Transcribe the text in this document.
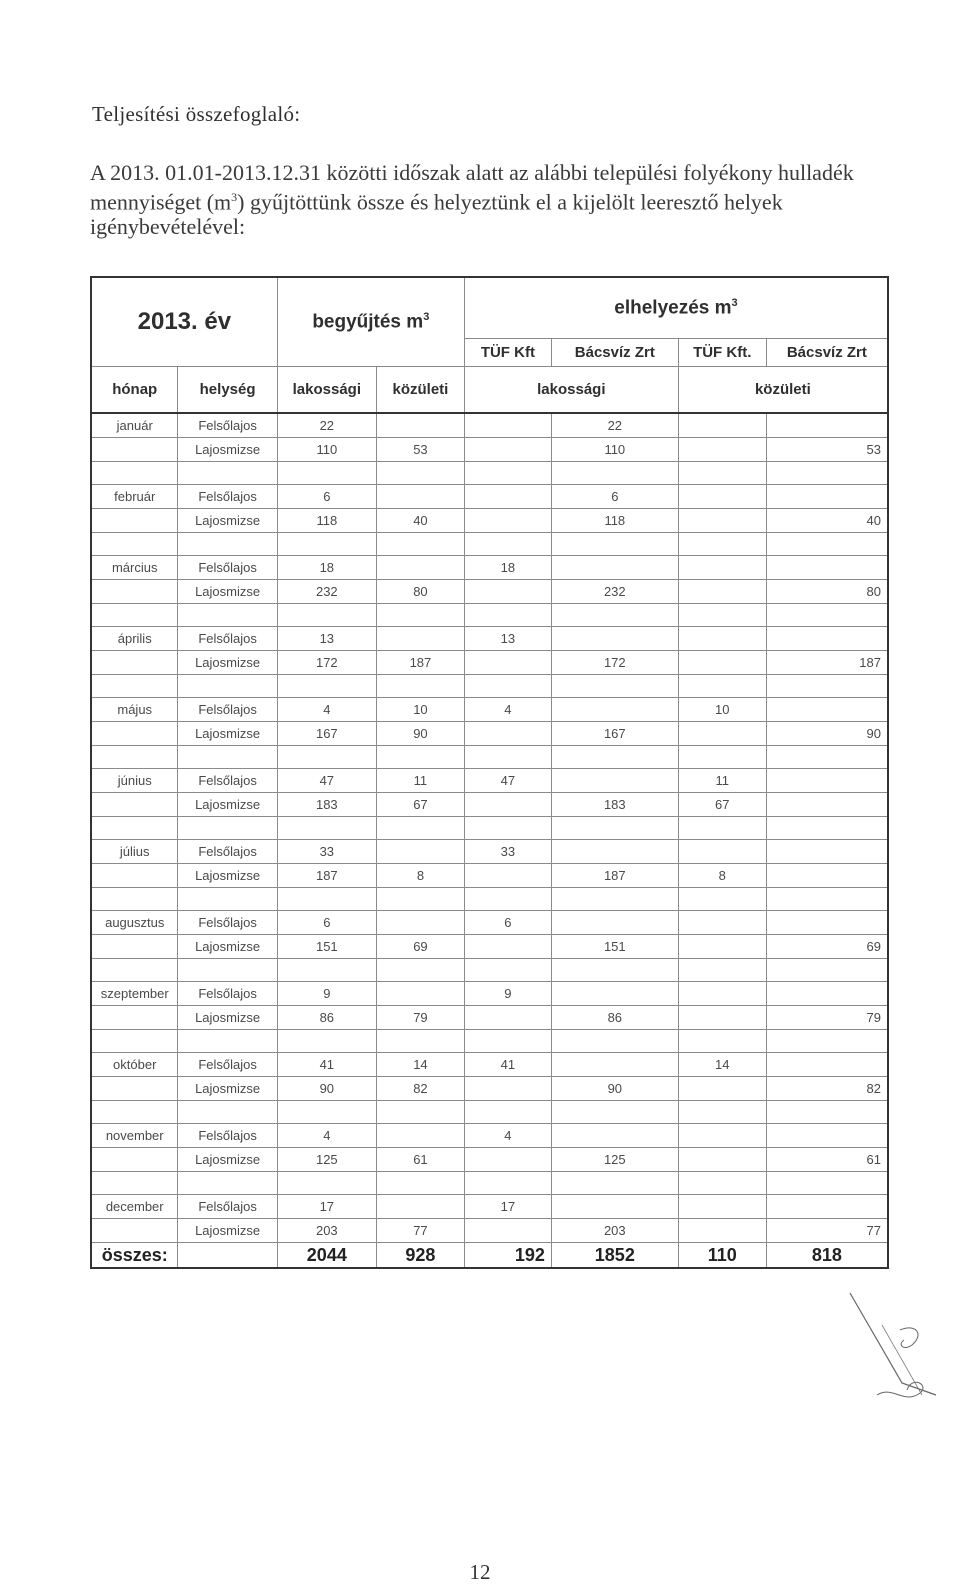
Teljesítési összefoglaló:
A 2013. 01.01-2013.12.31 közötti időszak alatt az alábbi települési folyékony hulladék mennyiséget $(m^3)$ gyűjtöttünk össze és helyeztünk el a kijelölt leeresztő helyek igénybevételével:
2013. év		begyűjtés $m^3$		elhelyezés $m^3$
				TÜF Kft	Bácsvíz Zrt	TÜF Kft.	Bácsvíz Zrt
hónap	helység	lakossági	közületi	lakossági		közületi	
január	Felsőlajos	22			22		
	Lajosmizse	110	53		110		53

február	Felsőlajos	6			6		
	Lajosmizse	118	40		118		40

március	Felsőlajos	18		18			
	Lajosmizse	232	80		232		80

április	Felsőlajos	13		13			
	Lajosmizse	172	187		172		187

május	Felsőlajos	4	10	4		10	
	Lajosmizse	167	90		167		90

június	Felsőlajos	47	11	47		11	
	Lajosmizse	183	67		183	67	

július	Felsőlajos	33		33			
	Lajosmizse	187	8		187	8	

augusztus	Felsőlajos	6		6			
	Lajosmizse	151	69		151		69

szeptember	Felsőlajos	9		9			
	Lajosmizse	86	79		86		79

október	Felsőlajos	41	14	41		14	
	Lajosmizse	90	82		90		82

november	Felsőlajos	4		4			
	Lajosmizse	125	61		125		61

december	Felsőlajos	17		17			
	Lajosmizse	203	77		203		77
összes:		2044	928	192	1852	110	818
12
